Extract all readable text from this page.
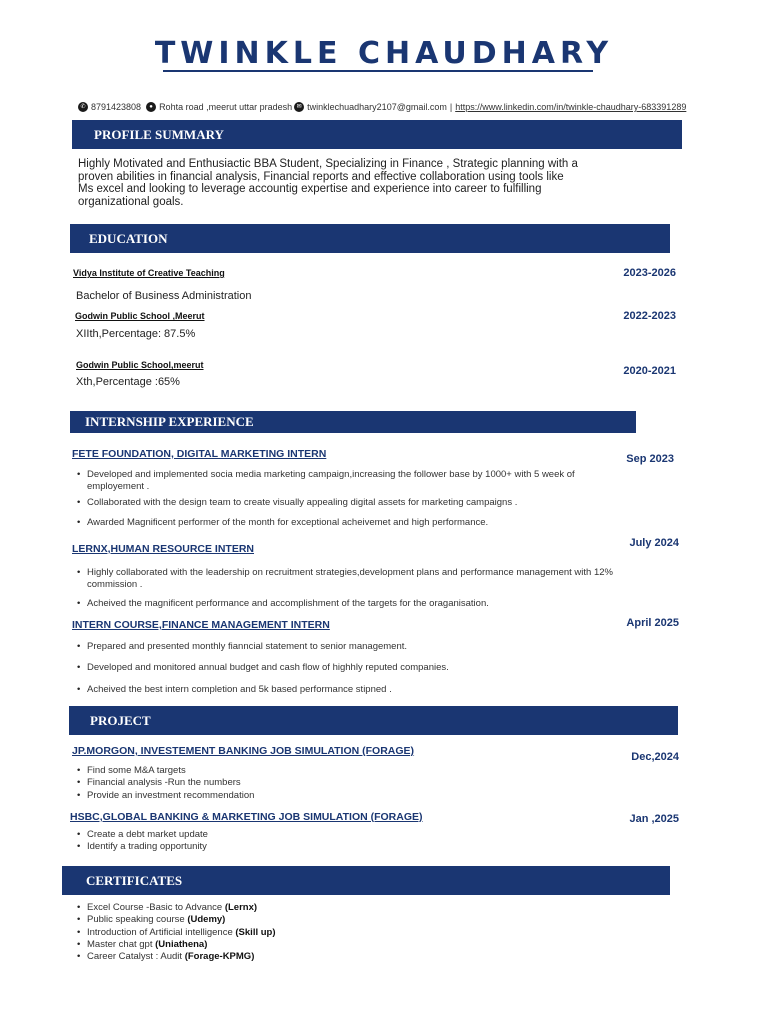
TWINKLE CHAUDHARY
✆ 8791423808	● Rohta road ,meerut uttar pradesh ✉ twinklechuadhary2107@gmail.com | https://www.linkedin.com/in/twinkle-chaudhary-683391289
PROFILE SUMMARY
Highly Motivated and Enthusiactic BBA Student, Specializing in Finance , Strategic planning with a
proven abilities in financial analysis, Financial reports and effective collaboration using tools like
Ms excel and looking to leverage accountig expertise and experience into career to fulfilling
organizational goals.
EDUCATION
Vidya Institute of Creative Teaching	2023-2026
Bachelor of Business Administration
Godwin Public School ,Meerut	2022-2023
XIIth,Percentage: 87.5%
Godwin Public School,meerut	2020-2021
Xth,Percentage :65%
INTERNSHIP EXPERIENCE
FETE FOUNDATION, DIGITAL MARKETING INTERN	Sep 2023
• Developed and implemented socia media marketing campaign,increasing the follower base by 1000+ with 5 week of employement .
• Collaborated with the design team to create visually appealing digital assets for marketing campaigns .
• Awarded Magnificent performer of the month for exceptional acheivemet and high performance.
LERNX,HUMAN RESOURCE INTERN	July 2024
• Highly collaborated with the leadership on recruitment strategies,development plans and performance management with 12% commission .
• Acheived the magnificent performance and accomplishment of the targets for the oraganisation.
INTERN COURSE,FINANCE MANAGEMENT INTERN	April 2025
• Prepared and presented monthly fianncial statement to senior management.
• Developed and monitored annual budget and cash flow of highhly reputed companies.
• Acheived the best intern completion and 5k based performance stipned .
PROJECT
JP.MORGON, INVESTEMENT BANKING JOB SIMULATION (FORAGE)	Dec,2024
• Find some M&A targets
• Financial analysis -Run the numbers
• Provide an investment recommendation
HSBC,GLOBAL BANKING & MARKETING JOB SIMULATION (FORAGE)	Jan ,2025
• Create a debt market update
• Identify a trading opportunity
CERTIFICATES
• Excel Course -Basic to Advance (Lernx)
• Public speaking course (Udemy)
• Introduction of Artificial intelligence (Skill up)
• Master chat gpt (Uniathena)
• Career Catalyst : Audit (Forage-KPMG)
